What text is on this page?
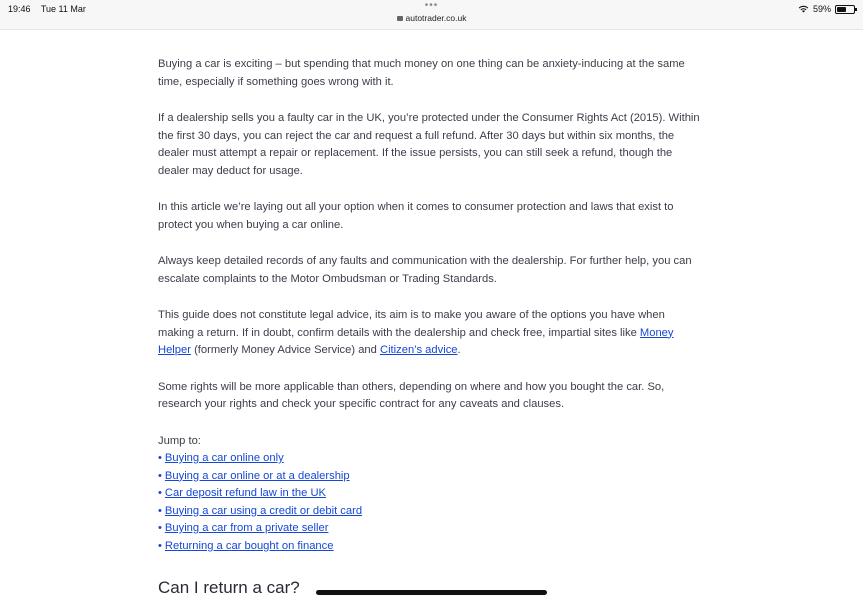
19:46 Tue 11 Mar	•••
autotrader.co.uk
59%

Buying a car is exciting – but spending that much money on one thing can be anxiety-inducing at the same time, especially if something goes wrong with it.

If a dealership sells you a faulty car in the UK, you’re protected under the Consumer Rights Act (2015). Within the first 30 days, you can reject the car and request a full refund. After 30 days but within six months, the dealer must attempt a repair or replacement. If the issue persists, you can still seek a refund, though the dealer may deduct for usage.

In this article we’re laying out all your option when it comes to consumer protection and laws that exist to protect you when buying a car online.

Always keep detailed records of any faults and communication with the dealership. For further help, you can escalate complaints to the Motor Ombudsman or Trading Standards.

This guide does not constitute legal advice, its aim is to make you aware of the options you have when making a return. If in doubt, confirm details with the dealership and check free, impartial sites like Money Helper (formerly Money Advice Service) and Citizen’s advice.

Some rights will be more applicable than others, depending on where and how you bought the car. So, research your rights and check your specific contract for any caveats and clauses.

Jump to:
• Buying a car online only
• Buying a car online or at a dealership
• Car deposit refund law in the UK
• Buying a car using a credit or debit card
• Buying a car from a private seller
• Returning a car bought on finance
Can I return a car?
